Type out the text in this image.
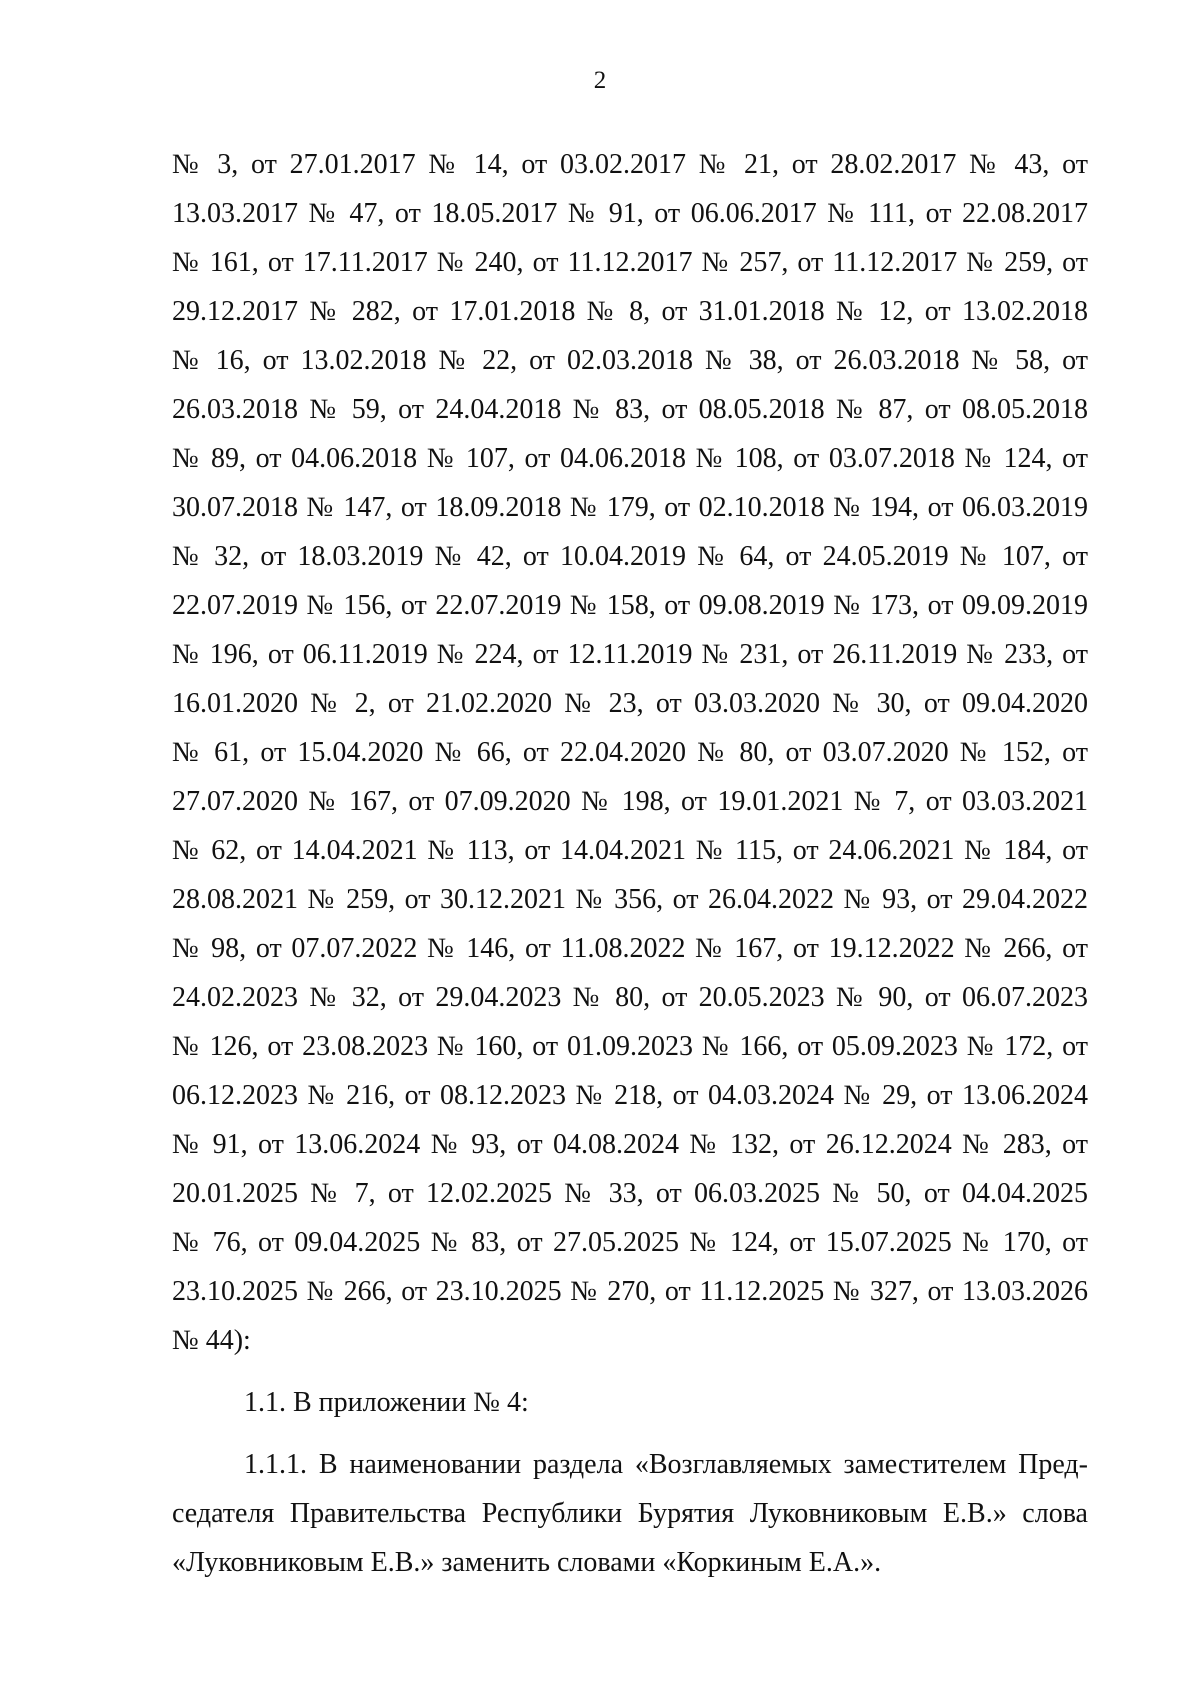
2
№ 3, от 27.01.2017 № 14, от 03.02.2017 № 21, от 28.02.2017 № 43, от
13.03.2017 № 47, от 18.05.2017 № 91, от 06.06.2017 № 111, от 22.08.2017
№ 161, от 17.11.2017 № 240, от 11.12.2017 № 257, от 11.12.2017 № 259, от
29.12.2017 № 282, от 17.01.2018 № 8, от 31.01.2018 № 12, от 13.02.2018
№ 16, от 13.02.2018 № 22, от 02.03.2018 № 38, от 26.03.2018 № 58, от
26.03.2018 № 59, от 24.04.2018 № 83, от 08.05.2018 № 87, от 08.05.2018
№ 89, от 04.06.2018 № 107, от 04.06.2018 № 108, от 03.07.2018 № 124, от
30.07.2018 № 147, от 18.09.2018 № 179, от 02.10.2018 № 194, от 06.03.2019
№ 32, от 18.03.2019 № 42, от 10.04.2019 № 64, от 24.05.2019 № 107, от
22.07.2019 № 156, от 22.07.2019 № 158, от 09.08.2019 № 173, от 09.09.2019
№ 196, от 06.11.2019 № 224, от 12.11.2019 № 231, от 26.11.2019 № 233, от
16.01.2020 № 2, от 21.02.2020 № 23, от 03.03.2020 № 30, от 09.04.2020
№ 61, от 15.04.2020 № 66, от 22.04.2020 № 80, от 03.07.2020 № 152, от
27.07.2020 № 167, от 07.09.2020 № 198, от 19.01.2021 № 7, от 03.03.2021
№ 62, от 14.04.2021 № 113, от 14.04.2021 № 115, от 24.06.2021 № 184, от
28.08.2021 № 259, от 30.12.2021 № 356, от 26.04.2022 № 93, от 29.04.2022
№ 98, от 07.07.2022 № 146, от 11.08.2022 № 167, от 19.12.2022 № 266, от
24.02.2023 № 32, от 29.04.2023 № 80, от 20.05.2023 № 90, от 06.07.2023
№ 126, от 23.08.2023 № 160, от 01.09.2023 № 166, от 05.09.2023 № 172, от
06.12.2023 № 216, от 08.12.2023 № 218, от 04.03.2024 № 29, от 13.06.2024
№ 91, от 13.06.2024 № 93, от 04.08.2024 № 132, от 26.12.2024 № 283, от
20.01.2025 № 7, от 12.02.2025 № 33, от 06.03.2025 № 50, от 04.04.2025
№ 76, от 09.04.2025 № 83, от 27.05.2025 № 124, от 15.07.2025 № 170, от
23.10.2025 № 266, от 23.10.2025 № 270, от 11.12.2025 № 327, от 13.03.2026
№ 44):
1.1. В приложении № 4:
1.1.1. В наименовании раздела «Возглавляемых заместителем Пред-
седателя Правительства Республики Бурятия Луковниковым Е.В.» слова
«Луковниковым Е.В.» заменить словами «Коркиным Е.А.».
